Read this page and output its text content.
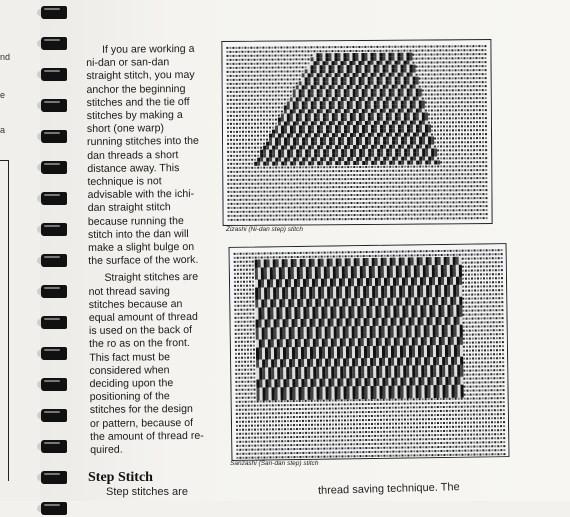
nd
e
a

If you are working a
ni-dan or san-dan
straight stitch, you may
anchor the beginning
stitches and the tie off
stitches by making a
short (one warp)
running stitches into the
dan threads a short
distance away. This
technique is not
advisable with the ichi-
dan straight stitch
because running the
stitch into the dan will
make a slight bulge on
the surface of the work.

Straight stitches are
not thread saving
stitches because an
equal amount of thread
is used on the back of
the ro as on the front.
This fact must be
considered when
deciding upon the
positioning of the
stitches for the design
or pattern, because of
the amount of thread re-
quired.

Step Stitch
Step stitches are	thread saving technique. The
Zizashi (Ni-dan step) stitch
Sanzashi (San-dan step) stitch
